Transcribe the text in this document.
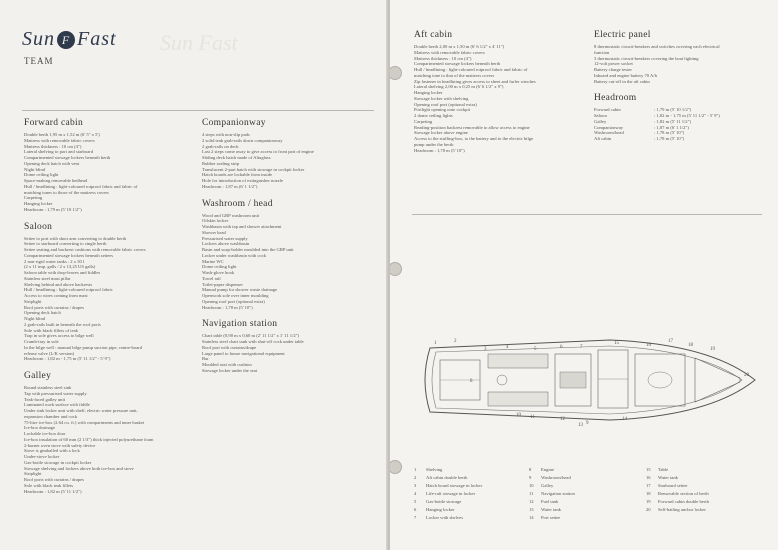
Sun Fast
Sun F Fast
TEAM
Forward cabin

Double berth 1,95 m x 1,52 m (6' 5" x 5')

Mattress with removable fabric covers

Mattress thickness : 10 cm (4")

Lateral shelving to port and starboard

Compartmented stowage lockers beneath berth

Opening deck hatch with vent

Night blind

Dome ceiling light

Space-making removable bedhead

Hull / headlining : light-coloured rotproof fabric and fabric of

matching tones to those of the mattress covers

Carpeting

Hanging locker

Headroom : 1,79 m (5' 10 1/2")

Saloon

Settee to port with short arm converting to double berth

Settee to starboard converting to single berth

Settee seating and backrest cushions with removable fabric covers

Compartmented stowage lockers beneath settees

2 non-rigid water tanks : 2 x 50 l

(2 x 11 imp. galls / 2 x 13,25 US galls)

Saloon table with drop-leaves and fiddles

Stainless steel mast pillar

Shelving behind and above backrests

Hull / headlining : light-coloured rotproof fabric

Access to wires coming from mast

Striplight

Roof ports with curtains / drapes

Opening deck hatch

Night blind

2 grab-rails built in beneath the roof ports

Sole with black fillets of teak

Trap in sole gives access to bilge well

Crumb-tray in sole

In the bilge well : manual bilge pump suction pipe, centre-board

release valve (L/K version)

Headroom : 1,82 m - 1,75 m (5' 11 1/2" - 5' 9")

Galley

Round stainless steel sink

Tap with pressurised water supply

Teak-faced galley unit

Laminated work surface with fiddle

Under sink locker unit with shelf, electric water pressure unit,

expansion chamber and cock

75-litre ice-box (2.64 cu. ft.) with compartments and inner basket

Ice-box drainage

Lockable ice-box door

Ice-box insulation of 60 mm (2 1/3") thick injected polyurethane foam

2-burner oven stove with safety device

Stove is gimballed with a lock

Under-stove locker

Gas-bottle stowage in cockpit locker

Stowage shelving and lockers above both ice-box and stove

Striplight

Roof ports with curtains / drapes

Sole with black teak fillets

Headroom : 1,82 m (5' 11 1/2")

Companionway

4 steps with non-slip pads

2 solid teak grab-rails down companionway

2 grab-rails on deck

Last 2 steps come away to give access to front part of engine

Sliding deck hatch made of Altuglass

Rubber sealing strip

Translucent 2-part hatch with stowage in cockpit locker

Hatch boards are lockable from inside

Hole for introduction of extinguisher nozzle

Headroom : 1,87 m (6' 1 1/2")

Washroom / head

Wood and GRP washroom unit

Oilskin locker

Washbasin with tap and shower attachment

Shower head

Pressurised water supply

Lockers above washbasin

Basin and soap-holder moulded into the GRP unit

Locker under washbasin with cock

Marine WC

Dome ceiling light

Wash-glove hook

Towel rail

Toilet-paper dispenser

Manual pump for shower waste drainage

Openwork sole over inner moulding

Opening roof port (optional extra)

Headroom : 1,78 m (5' 10")

Navigation station

Chart table (0,90 m x 0,60 m (2' 11 1/2" x 1' 11 1/2")

Stainless steel chart tank with shut-off cock under table

Roof port with curtains/drape

Large panel to house navigational equipment

Bar

Moulded seat with cushion

Stowage locker under the seat

Aft cabin

Double berth 2,00 m x 1,50 m (6' 6 1/2" x 4' 11")

Mattress with removable fabric covers

Mattress thickness : 10 cm (4")

Compartmented stowage lockers beneath berth

Hull / headlining : light-coloured rotproof fabric and fabric of

matching tone to that of the mattress covers

Zip fastener in headlining gives access to sheet and furler winches

Lateral shelving 2,00 m x 0,25 m (6' 6 1/2" x 9")

Hanging locker

Stowage locker with shelving

Opening roof port (optional extra)

Portlight opening onto cockpit

2 dome ceiling lights

Carpeting

Reading-position backrest removable to allow access to engine

Stowage locker above engine

Access to the stuffing-box, to the battery and to the electric bilge

pump under the berth

Headroom : 1,78 m (5' 10")

Electric panel

8 thermostatic circuit-breakers and switches covering each electrical

function

3 thermostatic circuit-breakers covering the boat lighting

12-volt power socket

Battery charge tester

Inboard and engine battery 70 A/h

Battery cut-off in the aft cabin

Headroom

Forward cabin	: 1,79 m (5' 10 1/2")

Saloon	: 1,82 m - 1,75 m (5' 11 1/2" - 5' 9")

Galley	: 1,82 m (5' 11 1/2")

Companionway	: 1,87 m (6' 1 1/2")

Washroom/head	: 1,78 m (5' 10")

Aft cabin	: 1,78 m (5' 10")

1	2
3	4	5	6	7
8
9
10 11	12
13
14
15	16
17
18
19
20
1 Shelving
2 Aft cabin double berth
3 Hatch board stowage in locker
4 Life-raft stowage in locker
5 Gas-bottle stowage
6 Hanging locker
7 Locker with shelves
8 Engine
9 Washroom/head
10 Galley
11 Navigation station
12 Fuel tank
13 Water tank
14 Port settee
15 Table
16 Water tank
17 Starboard settee
18 Removable section of berth
19 Forward cabin double berth
20 Self-bailing anchor locker
